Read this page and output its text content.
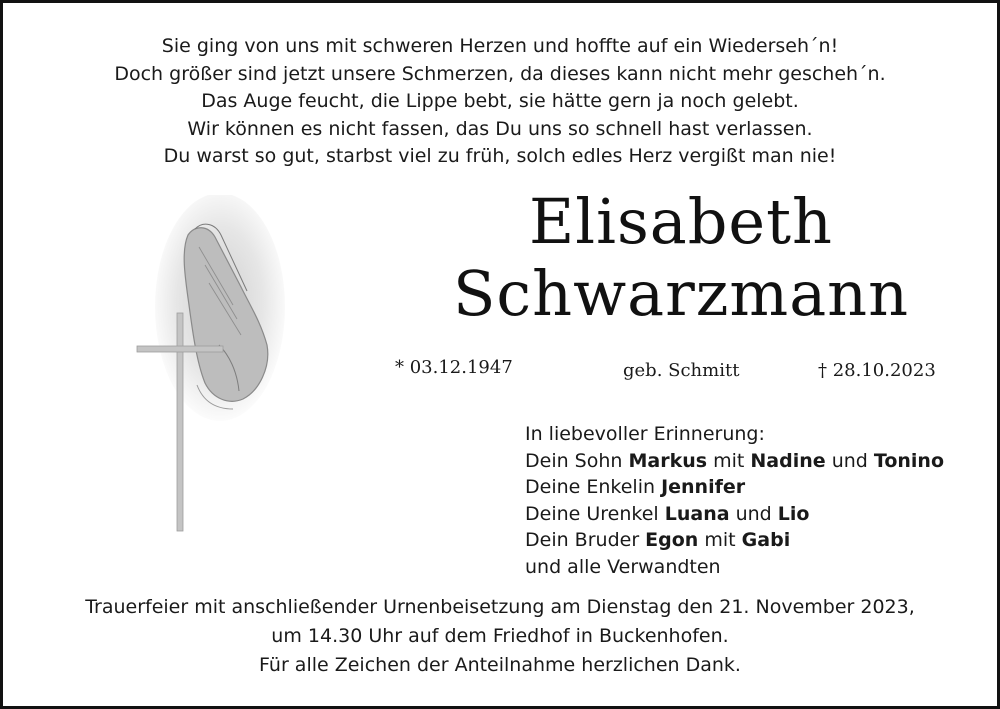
Sie ging von uns mit schweren Herzen und hoffte auf ein Wiederseh´n!
Doch größer sind jetzt unsere Schmerzen, da dieses kann nicht mehr gescheh´n.
Das Auge feucht, die Lippe bebt, sie hätte gern ja noch gelebt.
Wir können es nicht fassen, das Du uns so schnell hast verlassen.
Du warst so gut, starbst viel zu früh, solch edles Herz vergißt man nie!
Elisabeth
Schwarzmann
* 03.12.1947	geb. Schmitt	† 28.10.2023
In liebevoller Erinnerung:
Dein Sohn Markus mit Nadine und Tonino
Deine Enkelin Jennifer
Deine Urenkel Luana und Lio
Dein Bruder Egon mit Gabi
und alle Verwandten
Trauerfeier mit anschließender Urnenbeisetzung am Dienstag den 21. November 2023,
um 14.30 Uhr auf dem Friedhof in Buckenhofen.
Für alle Zeichen der Anteilnahme herzlichen Dank.
